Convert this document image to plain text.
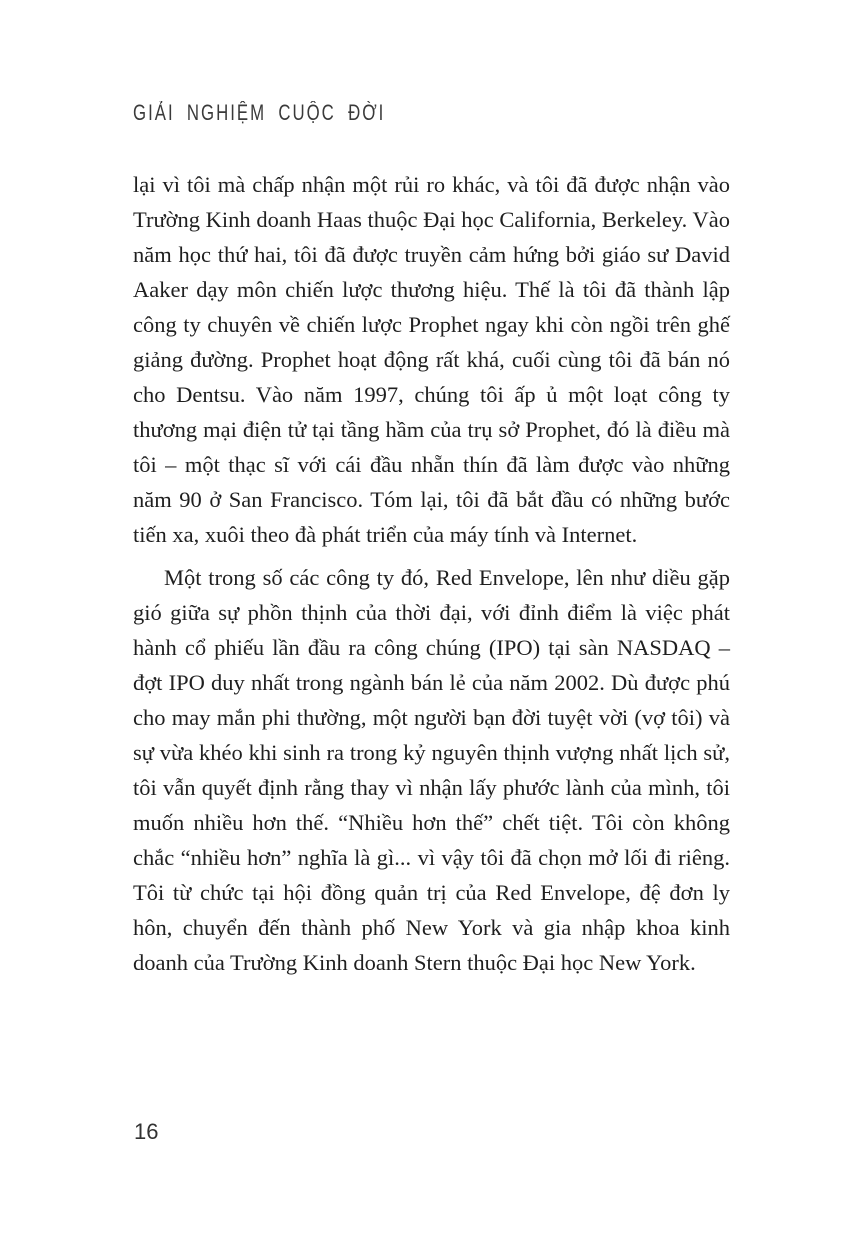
GIẢI NGHIỆM CUỘC ĐỜI

lại vì tôi mà chấp nhận một rủi ro khác, và tôi đã được nhận vào Trường Kinh doanh Haas thuộc Đại học California, Berkeley. Vào năm học thứ hai, tôi đã được truyền cảm hứng bởi giáo sư David Aaker dạy môn chiến lược thương hiệu. Thế là tôi đã thành lập công ty chuyên về chiến lược Prophet ngay khi còn ngồi trên ghế giảng đường. Prophet hoạt động rất khá, cuối cùng tôi đã bán nó cho Dentsu. Vào năm 1997, chúng tôi ấp ủ một loạt công ty thương mại điện tử tại tầng hầm của trụ sở Prophet, đó là điều mà tôi – một thạc sĩ với cái đầu nhẵn thín đã làm được vào những năm 90 ở San Francisco. Tóm lại, tôi đã bắt đầu có những bước tiến xa, xuôi theo đà phát triển của máy tính và Internet.

Một trong số các công ty đó, Red Envelope, lên như diều gặp gió giữa sự phồn thịnh của thời đại, với đỉnh điểm là việc phát hành cổ phiếu lần đầu ra công chúng (IPO) tại sàn NASDAQ – đợt IPO duy nhất trong ngành bán lẻ của năm 2002. Dù được phú cho may mắn phi thường, một người bạn đời tuyệt vời (vợ tôi) và sự vừa khéo khi sinh ra trong kỷ nguyên thịnh vượng nhất lịch sử, tôi vẫn quyết định rằng thay vì nhận lấy phước lành của mình, tôi muốn nhiều hơn thế. “Nhiều hơn thế” chết tiệt. Tôi còn không chắc “nhiều hơn” nghĩa là gì... vì vậy tôi đã chọn mở lối đi riêng. Tôi từ chức tại hội đồng quản trị của Red Envelope, đệ đơn ly hôn, chuyển đến thành phố New York và gia nhập khoa kinh doanh của Trường Kinh doanh Stern thuộc Đại học New York.

16
